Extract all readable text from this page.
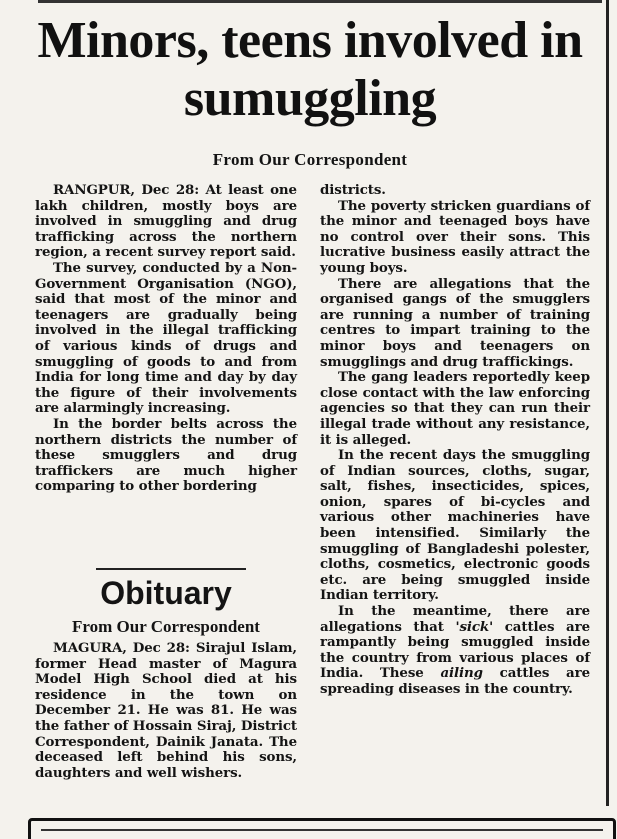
Minors, teens involved in sumuggling
From Our Correspondent

RANGPUR, Dec 28: At least one lakh children, mostly boys are involved in smuggling and drug trafficking across the northern region, a recent survey report said.

The survey, conducted by a Non-Government Organisation (NGO), said that most of the minor and teenagers are gradually being involved in the illegal trafficking of various kinds of drugs and smuggling of goods to and from India for long time and day by day the figure of their involvements are alarmingly increasing.

In the border belts across the northern districts the number of these smugglers and drug traffickers are much higher comparing to other bordering

districts.

The poverty stricken guardians of the minor and teenaged boys have no control over their sons. This lucrative business easily attract the young boys.

There are allegations that the organised gangs of the smugglers are running a number of training centres to impart training to the minor boys and teenagers on smugglings and drug traffickings.

The gang leaders reportedly keep close contact with the law enforcing agencies so that they can run their illegal trade without any resistance, it is alleged.

In the recent days the smuggling of Indian sources, cloths, sugar, salt, fishes, insecticides, spices, onion, spares of bi-cycles and various other machineries have been intensified. Similarly the smuggling of Bangladeshi polester, cloths, cosmetics, electronic goods etc. are being smuggled inside Indian territory.

In the meantime, there are allegations that 'sick' cattles are rampantly being smuggled inside the country from various places of India. These ailing cattles are spreading diseases in the country.

Obituary
From Our Correspondent

MAGURA, Dec 28: Sirajul Islam, former Head master of Magura Model High School died at his residence in the town on December 21. He was 81. He was the father of Hossain Siraj, District Correspondent, Dainik Janata. The deceased left behind his sons, daughters and well wishers.
